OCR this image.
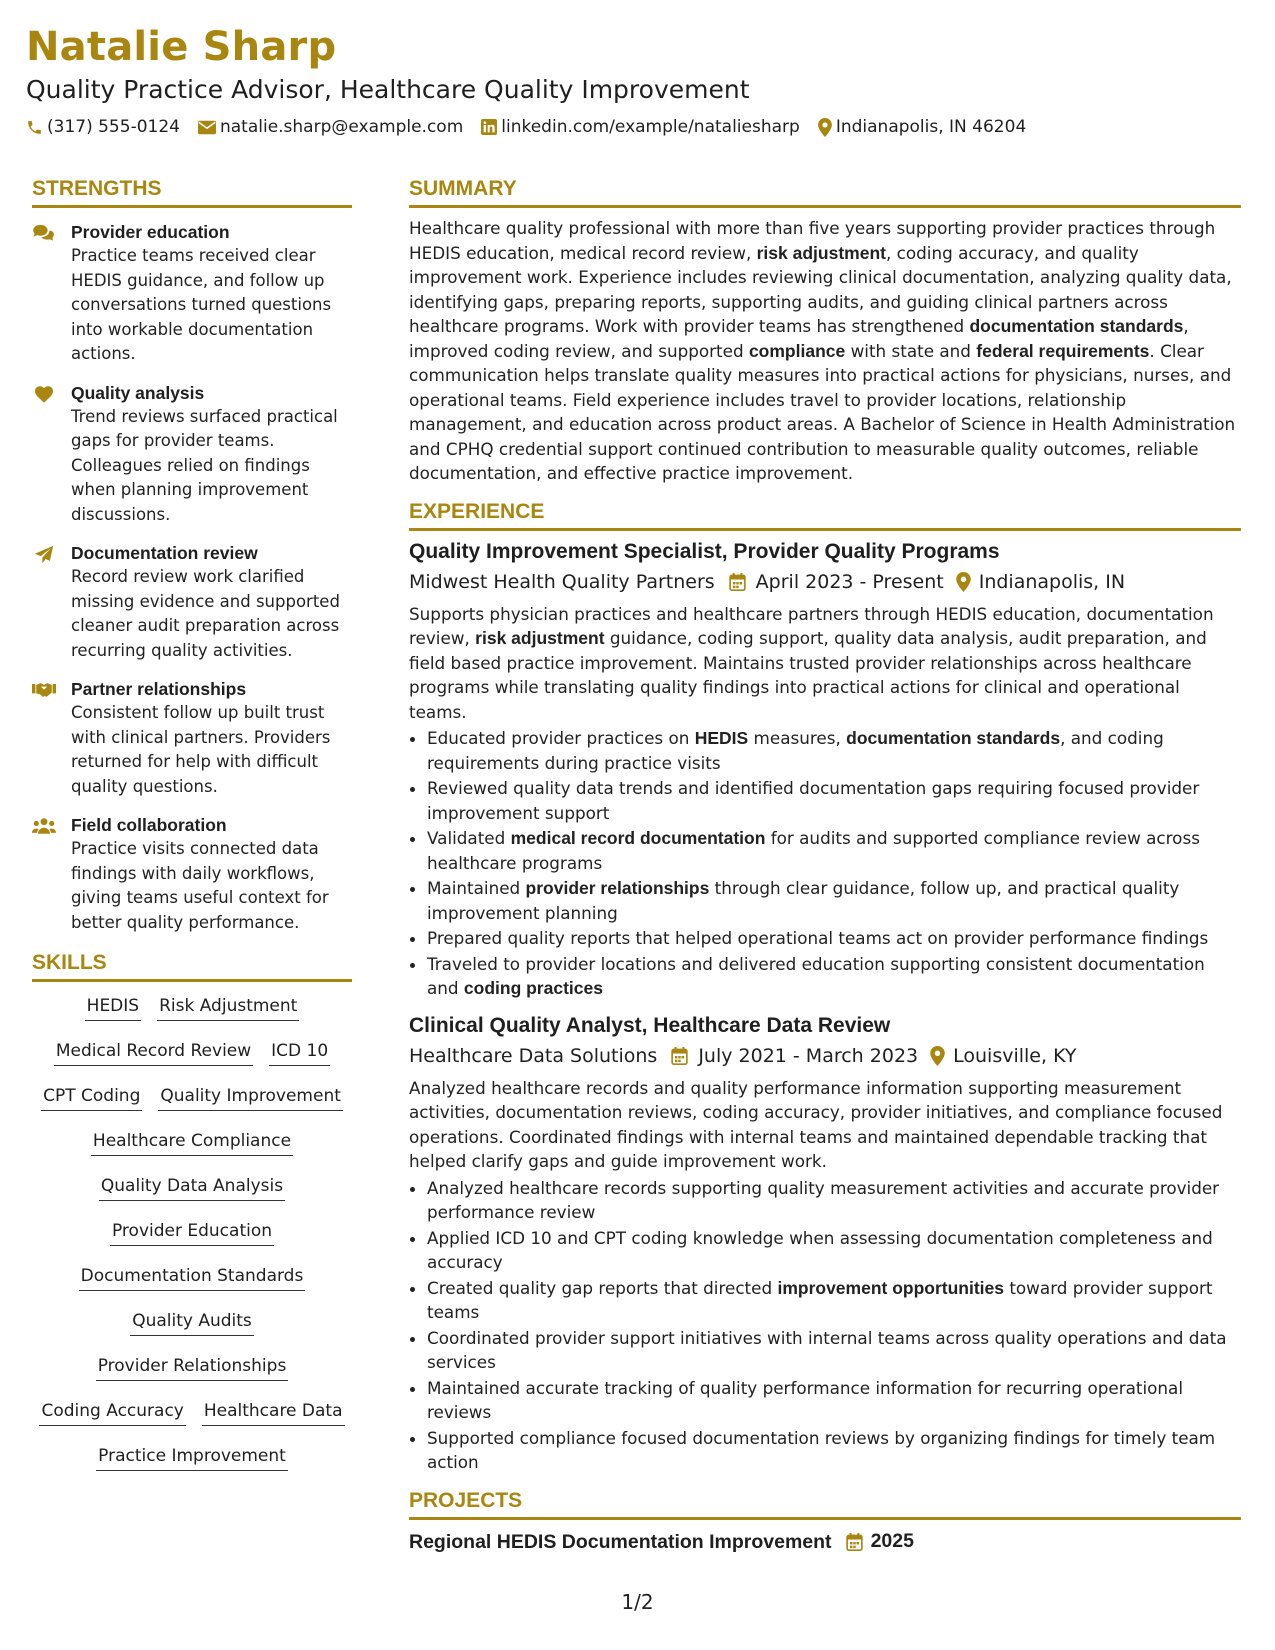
Natalie Sharp
Quality Practice Advisor, Healthcare Quality Improvement
(317) 555-0124 natalie.sharp@example.com linkedin.com/example/nataliesharp Indianapolis, IN 46204
STRENGTHS
Provider education
Practice teams received clear HEDIS guidance, and follow up conversations turned questions into workable documentation actions.
Quality analysis
Trend reviews surfaced practical gaps for provider teams. Colleagues relied on findings when planning improvement discussions.
Documentation review
Record review work clarified missing evidence and supported cleaner audit preparation across recurring quality activities.
Partner relationships
Consistent follow up built trust with clinical partners. Providers returned for help with difficult quality questions.
Field collaboration
Practice visits connected data findings with daily workflows, giving teams useful context for better quality performance.
SKILLS
HEDIS Risk Adjustment
Medical Record Review ICD 10
CPT Coding Quality Improvement
Healthcare Compliance
Quality Data Analysis
Provider Education
Documentation Standards
Quality Audits
Provider Relationships
Coding Accuracy Healthcare Data
Practice Improvement
SUMMARY
Healthcare quality professional with more than five years supporting provider practices through HEDIS education, medical record review, risk adjustment, coding accuracy, and quality improvement work. Experience includes reviewing clinical documentation, analyzing quality data, identifying gaps, preparing reports, supporting audits, and guiding clinical partners across healthcare programs. Work with provider teams has strengthened documentation standards, improved coding review, and supported compliance with state and federal requirements. Clear communication helps translate quality measures into practical actions for physicians, nurses, and operational teams. Field experience includes travel to provider locations, relationship management, and education across product areas. A Bachelor of Science in Health Administration and CPHQ credential support continued contribution to measurable quality outcomes, reliable documentation, and effective practice improvement.
EXPERIENCE
Quality Improvement Specialist, Provider Quality Programs
Midwest Health Quality Partners April 2023 - Present Indianapolis, IN
Supports physician practices and healthcare partners through HEDIS education, documentation review, risk adjustment guidance, coding support, quality data analysis, audit preparation, and field based practice improvement. Maintains trusted provider relationships across healthcare programs while translating quality findings into practical actions for clinical and operational teams.
• Educated provider practices on HEDIS measures, documentation standards, and coding requirements during practice visits
• Reviewed quality data trends and identified documentation gaps requiring focused provider improvement support
• Validated medical record documentation for audits and supported compliance review across healthcare programs
• Maintained provider relationships through clear guidance, follow up, and practical quality improvement planning
• Prepared quality reports that helped operational teams act on provider performance findings
• Traveled to provider locations and delivered education supporting consistent documentation and coding practices
Clinical Quality Analyst, Healthcare Data Review
Healthcare Data Solutions July 2021 - March 2023 Louisville, KY
Analyzed healthcare records and quality performance information supporting measurement activities, documentation reviews, coding accuracy, provider initiatives, and compliance focused operations. Coordinated findings with internal teams and maintained dependable tracking that helped clarify gaps and guide improvement work.
• Analyzed healthcare records supporting quality measurement activities and accurate provider performance review
• Applied ICD 10 and CPT coding knowledge when assessing documentation completeness and accuracy
• Created quality gap reports that directed improvement opportunities toward provider support teams
• Coordinated provider support initiatives with internal teams across quality operations and data services
• Maintained accurate tracking of quality performance information for recurring operational reviews
• Supported compliance focused documentation reviews by organizing findings for timely team action
PROJECTS
Regional HEDIS Documentation Improvement 2025
1/2
